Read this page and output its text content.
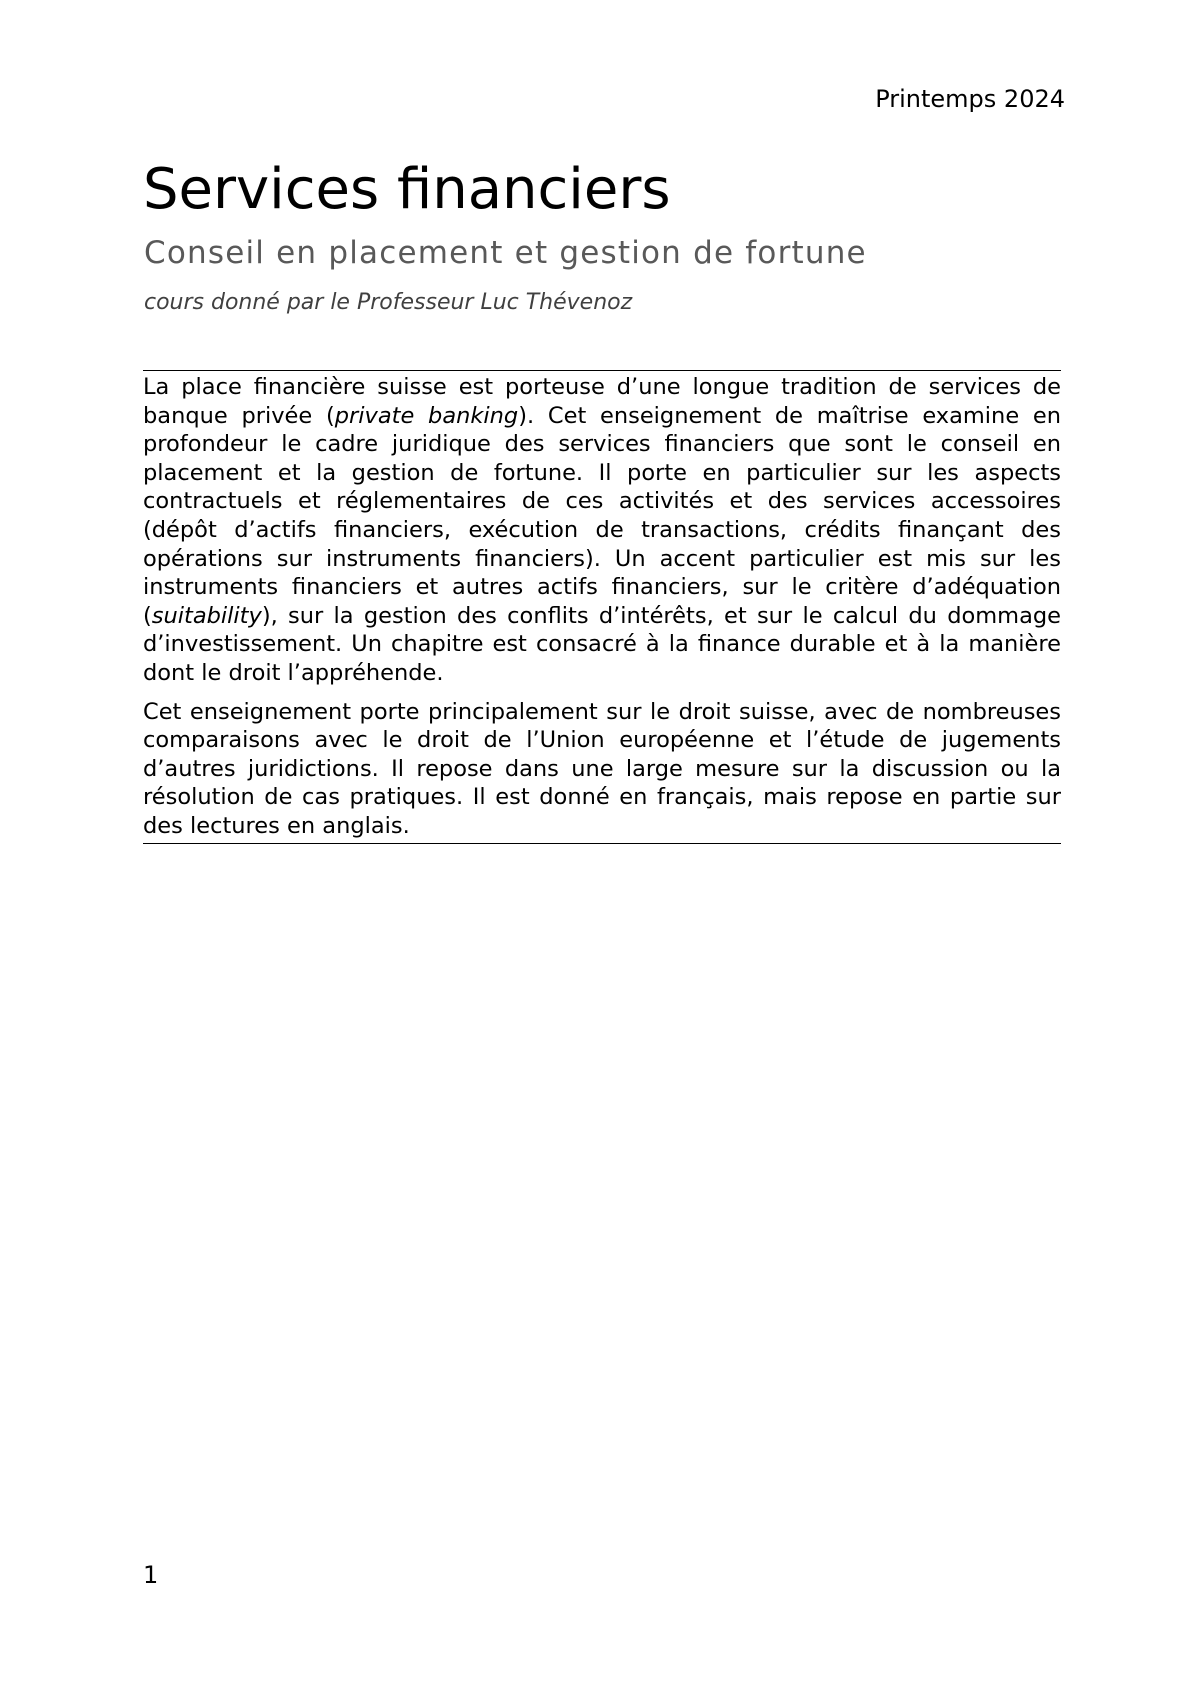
Printemps 2024
Services financiers
Conseil en placement et gestion de fortune

cours donné par le Professeur Luc Thévenoz

La place financière suisse est porteuse d’une longue tradition de services de banque privée (private banking). Cet enseignement de maîtrise examine en profondeur le cadre juridique des services financiers que sont le conseil en placement et la gestion de fortune. Il porte en particulier sur les aspects contractuels et réglementaires de ces activités et des services accessoires (dépôt d’actifs financiers, exécution de transactions, crédits finançant des opérations sur instruments financiers). Un accent particulier est mis sur les instruments financiers et autres actifs financiers, sur le critère d’adéquation (suitability), sur la gestion des conflits d’intérêts, et sur le calcul du dommage d’investissement. Un chapitre est consacré à la finance durable et à la manière dont le droit l’appréhende.

Cet enseignement porte principalement sur le droit suisse, avec de nombreuses comparaisons avec le droit de l’Union européenne et l’étude de jugements d’autres juridictions. Il repose dans une large mesure sur la discussion ou la résolution de cas pratiques. Il est donné en français, mais repose en partie sur des lectures en anglais.

1
